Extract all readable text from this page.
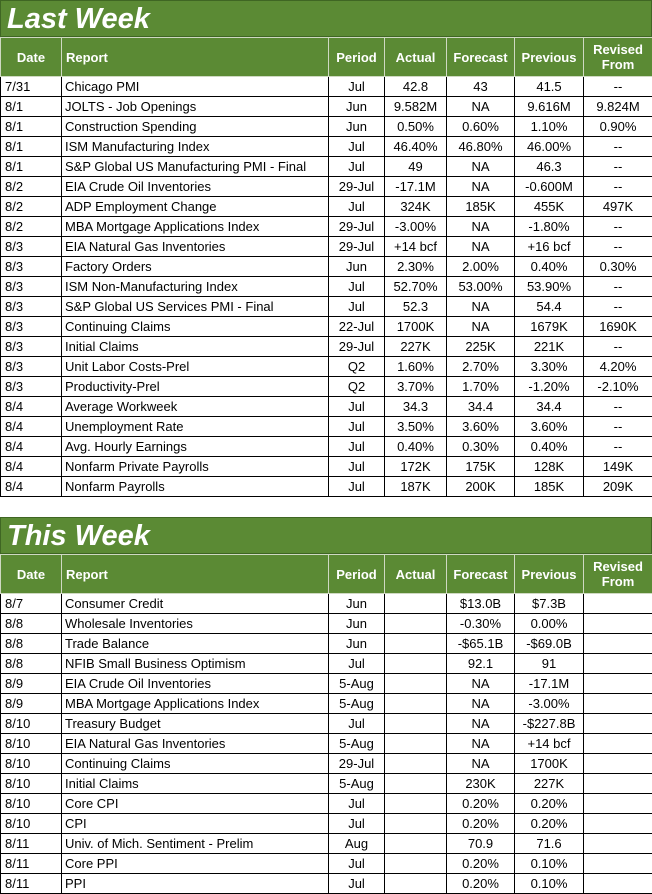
Last Week
Date	Report	Period	Actual	Forecast	Previous	Revised From
7/31	Chicago PMI	Jul	42.8	43	41.5	--
8/1	JOLTS - Job Openings	Jun	9.582M	NA	9.616M	9.824M
8/1	Construction Spending	Jun	0.50%	0.60%	1.10%	0.90%
8/1	ISM Manufacturing Index	Jul	46.40%	46.80%	46.00%	--
8/1	S&P Global US Manufacturing PMI - Final	Jul	49	NA	46.3	--
8/2	EIA Crude Oil Inventories	29-Jul	-17.1M	NA	-0.600M	--
8/2	ADP Employment Change	Jul	324K	185K	455K	497K
8/2	MBA Mortgage Applications Index	29-Jul	-3.00%	NA	-1.80%	--
8/3	EIA Natural Gas Inventories	29-Jul	+14 bcf	NA	+16 bcf	--
8/3	Factory Orders	Jun	2.30%	2.00%	0.40%	0.30%
8/3	ISM Non-Manufacturing Index	Jul	52.70%	53.00%	53.90%	--
8/3	S&P Global US Services PMI - Final	Jul	52.3	NA	54.4	--
8/3	Continuing Claims	22-Jul	1700K	NA	1679K	1690K
8/3	Initial Claims	29-Jul	227K	225K	221K	--
8/3	Unit Labor Costs-Prel	Q2	1.60%	2.70%	3.30%	4.20%
8/3	Productivity-Prel	Q2	3.70%	1.70%	-1.20%	-2.10%
8/4	Average Workweek	Jul	34.3	34.4	34.4	--
8/4	Unemployment Rate	Jul	3.50%	3.60%	3.60%	--
8/4	Avg. Hourly Earnings	Jul	0.40%	0.30%	0.40%	--
8/4	Nonfarm Private Payrolls	Jul	172K	175K	128K	149K
8/4	Nonfarm Payrolls	Jul	187K	200K	185K	209K
This Week
Date	Report	Period	Actual	Forecast	Previous	Revised From
8/7	Consumer Credit	Jun		$13.0B	$7.3B	
8/8	Wholesale Inventories	Jun		-0.30%	0.00%	
8/8	Trade Balance	Jun		-$65.1B	-$69.0B	
8/8	NFIB Small Business Optimism	Jul		92.1	91	
8/9	EIA Crude Oil Inventories	5-Aug		NA	-17.1M	
8/9	MBA Mortgage Applications Index	5-Aug		NA	-3.00%	
8/10	Treasury Budget	Jul		NA	-$227.8B	
8/10	EIA Natural Gas Inventories	5-Aug		NA	+14 bcf	
8/10	Continuing Claims	29-Jul		NA	1700K	
8/10	Initial Claims	5-Aug		230K	227K	
8/10	Core CPI	Jul		0.20%	0.20%	
8/10	CPI	Jul		0.20%	0.20%	
8/11	Univ. of Mich. Sentiment - Prelim	Aug		70.9	71.6	
8/11	Core PPI	Jul		0.20%	0.10%	
8/11	PPI	Jul		0.20%	0.10%	
